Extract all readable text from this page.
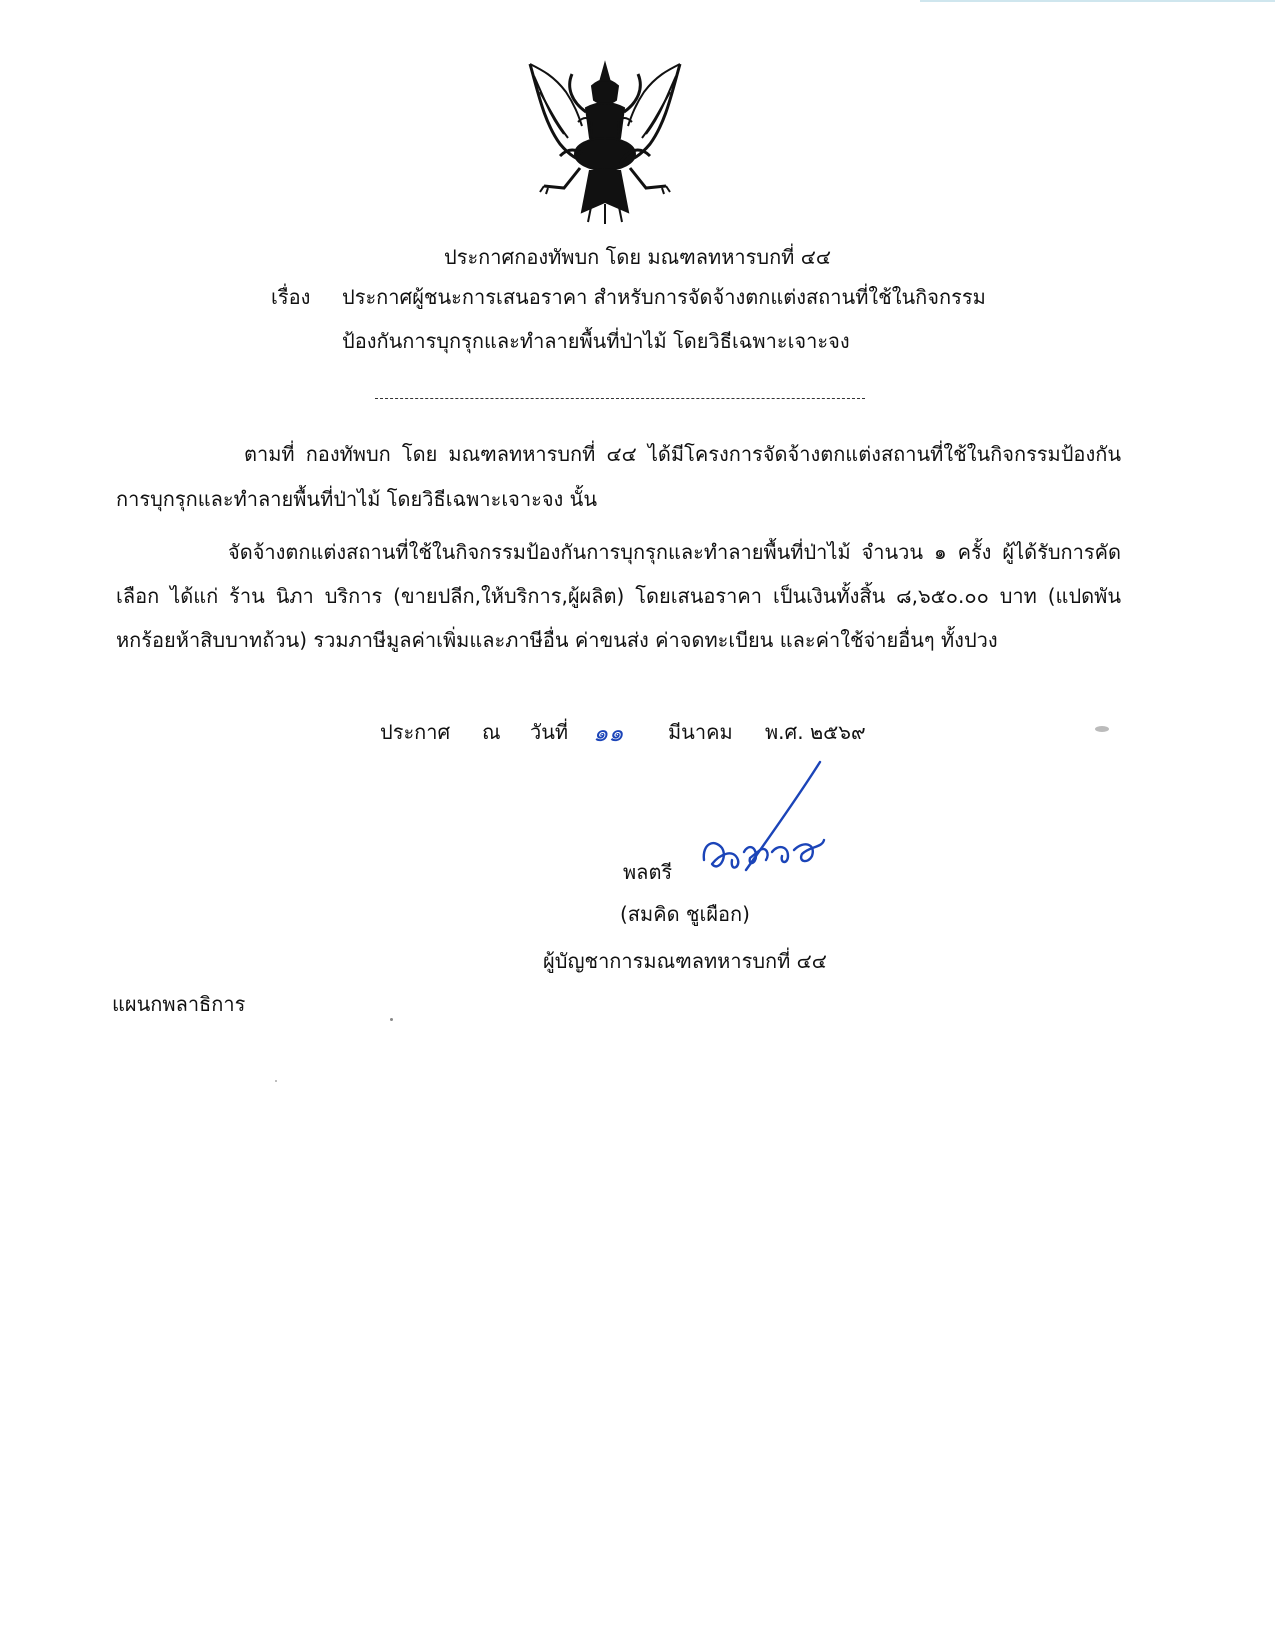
ประกาศกองทัพบก โดย มณฑลทหารบกที่ ๔๔
เรื่อง ประกาศผู้ชนะการเสนอราคา สำหรับการจัดจ้างตกแต่งสถานที่ใช้ในกิจกรรม
ป้องกันการบุกรุกและทำลายพื้นที่ป่าไม้ โดยวิธีเฉพาะเจาะจง
ตามที่ กองทัพบก โดย มณฑลทหารบกที่ ๔๔ ได้มีโครงการจัดจ้างตกแต่งสถานที่ใช้ในกิจกรรมป้องกัน
การบุกรุกและทำลายพื้นที่ป่าไม้ โดยวิธีเฉพาะเจาะจง นั้น
จัดจ้างตกแต่งสถานที่ใช้ในกิจกรรมป้องกันการบุกรุกและทำลายพื้นที่ป่าไม้ จำนวน ๑ ครั้ง ผู้ได้รับการคัด
เลือก ได้แก่ ร้าน นิภา บริการ (ขายปลีก,ให้บริการ,ผู้ผลิต) โดยเสนอราคา เป็นเงินทั้งสิ้น ๘,๖๕๐.๐๐ บาท (แปดพัน
หกร้อยห้าสิบบาทถ้วน) รวมภาษีมูลค่าเพิ่มและภาษีอื่น ค่าขนส่ง ค่าจดทะเบียน และค่าใช้จ่ายอื่นๆ ทั้งปวง
ประกาศ ณ วันที่ ๑๑ มีนาคม พ.ศ. ๒๕๖๙
พลตรี
(สมคิด ชูเผือก)
ผู้บัญชาการมณฑลทหารบกที่ ๔๔
แผนกพลาธิการ
